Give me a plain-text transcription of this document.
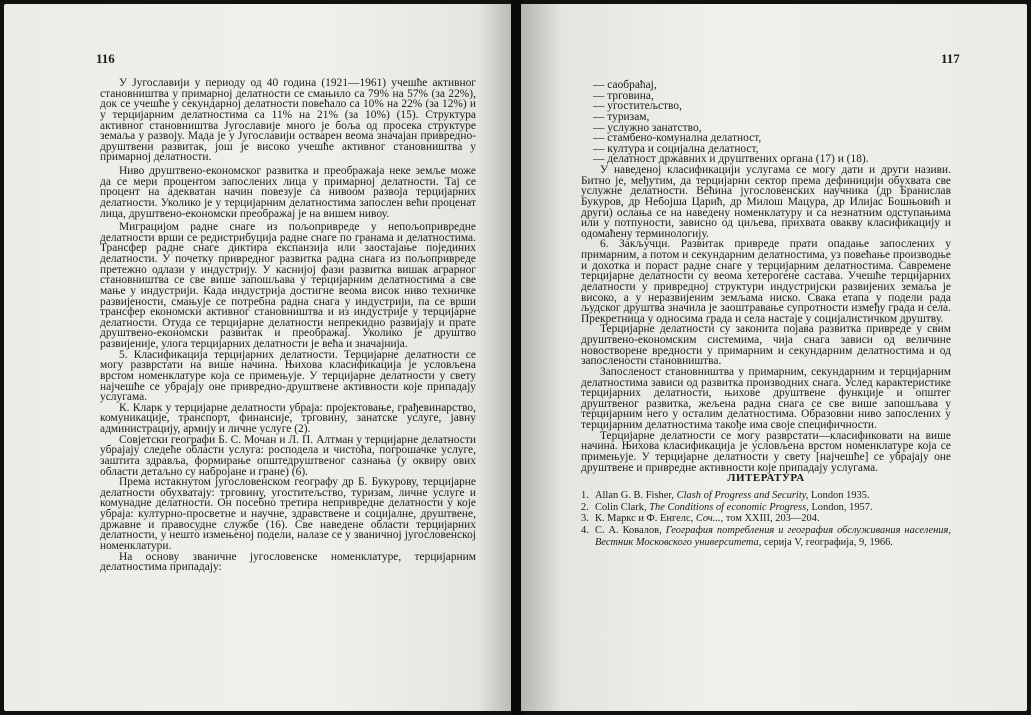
116

У Југославији у периоду од 40 година (1921—1961) учешће активног становништва у примарној делатности се смањило са 79% на 57% (за 22%), док се учешће у секундарној делатности повећало са 10% на 22% (за 12%) и у терцијарним делатностима са 11% на 21% (за 10%) (15). Структура активног становништва Југославије много је боља од просека структуре земаља у развоју. Мада је у Југославији остварен веома значајан привредно-друштвени развитак, још је високо учешће активног становништва у примарној делатности.

Ниво друштвено-економског развитка и преображаја неке земље може да се мери процентом запослених лица у примарној делатности. Тај се процент на адекватан начин повезује са нивоом развоја терцијарних делатности. Уколико је у терцијарним делатностима запослен већи проценат лица, друштвено-економски преображај је на вишем нивоу.

Миграцијом радне снаге из пољопривреде у непољопривредне делатности врши се редистрибуција радне снаге по гранама и делатностима. Трансфер радне снаге диктира експанзија или заостајање појединих делатности. У почетку привредног развитка радна снага из пољопривреде претежно одлази у индустрију. У каснијој фази развитка вишак аграрног становништва се све више запошљава у терцијарним делатностима а све мање у индустрији. Када индустрија достигне веома висок ниво техничке развијености, смањује се потребна радна снага у индустрији, па се врши трансфер економски активног становништва и из индустрије у терцијарне делатности. Отуда се терцијарне делатности непрекидно развијају и прате друштвено-економски развитак и преображај. Уколико је друштво развијеније, улога терцијарних делатности је већа и значајнија.

5. Класификација терцијарних делатности. Терцијарне делатности се могу разврстати на више начина. Њихова класификација је условљена врстом номенклатуре која се примењује. У терцијарне делатности у свету најчешће се убрајају оне привредно-друштвене активности које припадају услугама.

К. Кларк у терцијарне делатности убраја: пројектовање, грађевинарство, комуникације, транспорт, финансије, трговину, занатске услуге, јавну администрацију, армију и личне услуге (2).

Совјетски географи Б. С. Мочан и Л. П. Алтман у терцијарне делатности убрајају следеће области услуга: росподела и чистоћа, погрошачке услуге, заштита здравља, формирање општедруштвеног сазнања (у оквиру ових области детаљно су набројане и гране) (6).

Према истакнутом југословенском географу др Б. Букурову, терцијарне делатности обухватају: трговину, угоститељство, туризам, личне услуге и комунадне делатности. Он посебно третира непривредне делатности у које убраја: културно-просветне и научне, здравствене и социјалне, друштвене, државне и правосудне службе (16). Све наведене области терцијарних делатности, у нешто измењеној подели, налазе се у званичној југословенској номенклатури.

На основу званичне југословенске номенклатуре, терцијарним делатностима припадају:

117
— саобраћај,
— трговина,
— угоститељство,
— туризам,
— услужно занатство,
— стамбено-комунална делатност,
— култура и социјална делатност,
— делатност државних и друштвених органа (17) и (18).

У наведеној класификацији услугама се могу дати и други називи. Битно је, међутим, да терцијарни сектор према дефиницији обухвата све услужне делатности. Већина југословенских научника (др Бранислав Букуров, др Небојша Царић, др Милош Мацура, др Илијас Бошњовић и други) ослања се на наведену номенклатуру и са незнатним одступањима или у потпуности, зависно од циљева, прихвата овакву класификацију и одомаћену терминологију.

6. Закључци. Развитак привреде прати опадање запослених у примарним, а потом и секундарним делатностима, уз повећање производње и дохотка и пораст радне снаге у терцијарним делатностима. Савремене терцијарне делатности су веома хетерогене састава. Учешће терцијарних делатности у привредној структури индустријски развијених земаља је високо, а у неразвијеним земљама ниско. Свака етапа у подели рада људског друштва значила је заоштравање супротности између града и села. Прекретница у односима града и села настаје у социјалистичком друштву.

Терцијарне делатности су законита појава развитка привреде у свим друштвено-економским системима, чија снага зависи од величине новостворене вредности у примарним и секундарним делатностима и од запослености становништва.

Запосленост становништва у примарним, секундарним и терцијарним делатностима зависи од развитка производних снага. Услед карактеристике терцијарних делатности, њихове друштвене функције и општег друштвеног развитка, жељена радна снага се све више запошљава у терцијарним него у осталим делатностима. Образовни ниво запослених у терцијарним делатностима такође има своје специфичности.

Терцијарне делатности се могу разврстати—класификовати на више начина. Њихова класификација је условљена врстом номенклатуре која се примењује. У терцијарне делатности у свету [најчешће] се убрајају оне друштвене и привредне активности које припадају услугама.

ЛИТЕРАТУРА

1. Allan G. B. Fisher, Clash of Progress and Security, London 1935.
2. Colin Clark, The Conditions of economic Progress, London, 1957.
3. К. Маркс и Ф. Енгелс, Соч..., том XXIII, 203—204.
4. С. А. Ковалов, География потребления и география обслуживания населения, Вестник Московского университета, серија V, географија, 9, 1966.
